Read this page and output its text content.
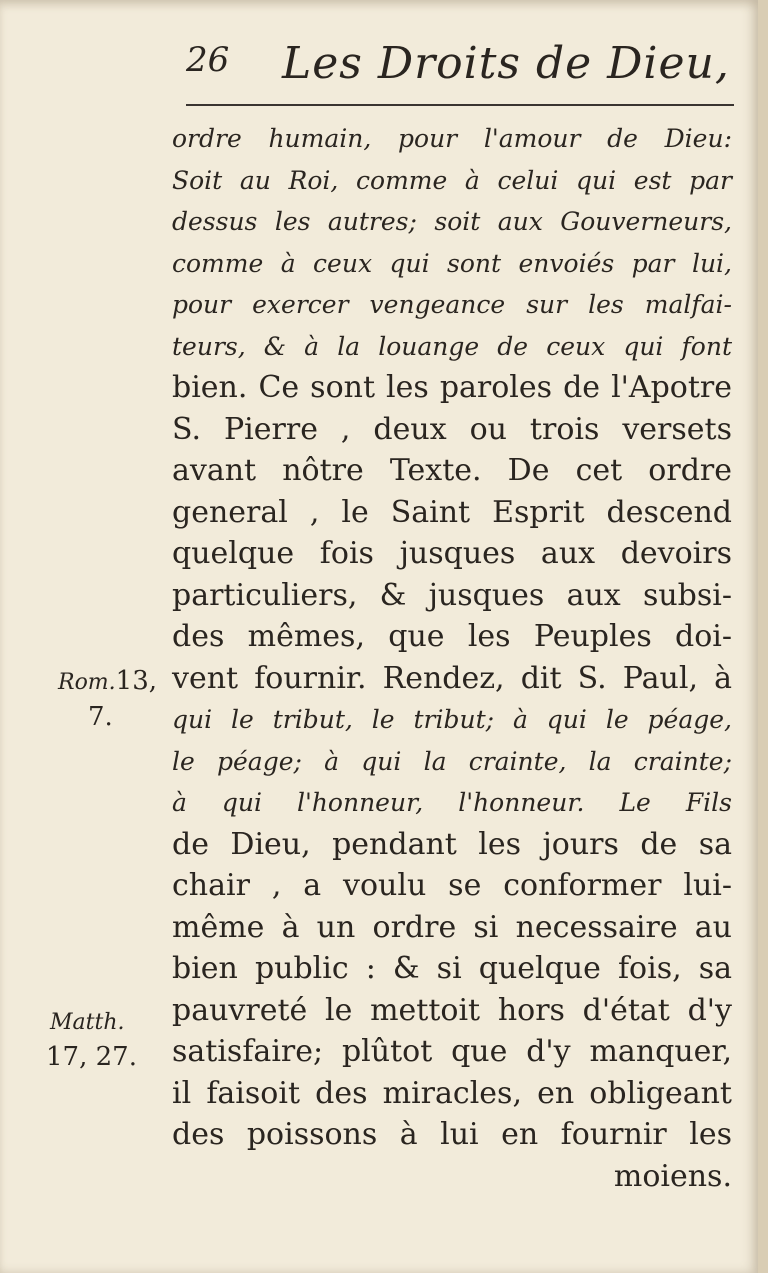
26 Les Droits de Dieu,
ordre humain, pour l'amour de Dieu:
Soit au Roi, comme à celui qui est par
dessus les autres; soit aux Gouverneurs,
comme à ceux qui sont envoiés par lui,
pour exercer vengeance sur les malfai-
teurs, & à la louange de ceux qui font
bien. Ce sont les paroles de l'Apotre
S. Pierre , deux ou trois versets
avant nôtre Texte. De cet ordre
general , le Saint Esprit descend
quelque fois jusques aux devoirs
particuliers, & jusques aux subsi-
des mêmes, que les Peuples doi-
vent fournir. Rendez, dit S. Paul, à
qui le tribut, le tribut; à qui le péage,
le péage; à qui la crainte, la crainte;
à qui l'honneur, l'honneur. Le Fils
de Dieu, pendant les jours de sa
chair , a voulu se conformer lui-
même à un ordre si necessaire au
bien public : & si quelque fois, sa
pauvreté le mettoit hors d'état d'y
satisfaire; plûtot que d'y manquer,
il faisoit des miracles, en obligeant
des poissons à lui en fournir les
moiens.
Rom.13,
7.
Matth.
17, 27.
